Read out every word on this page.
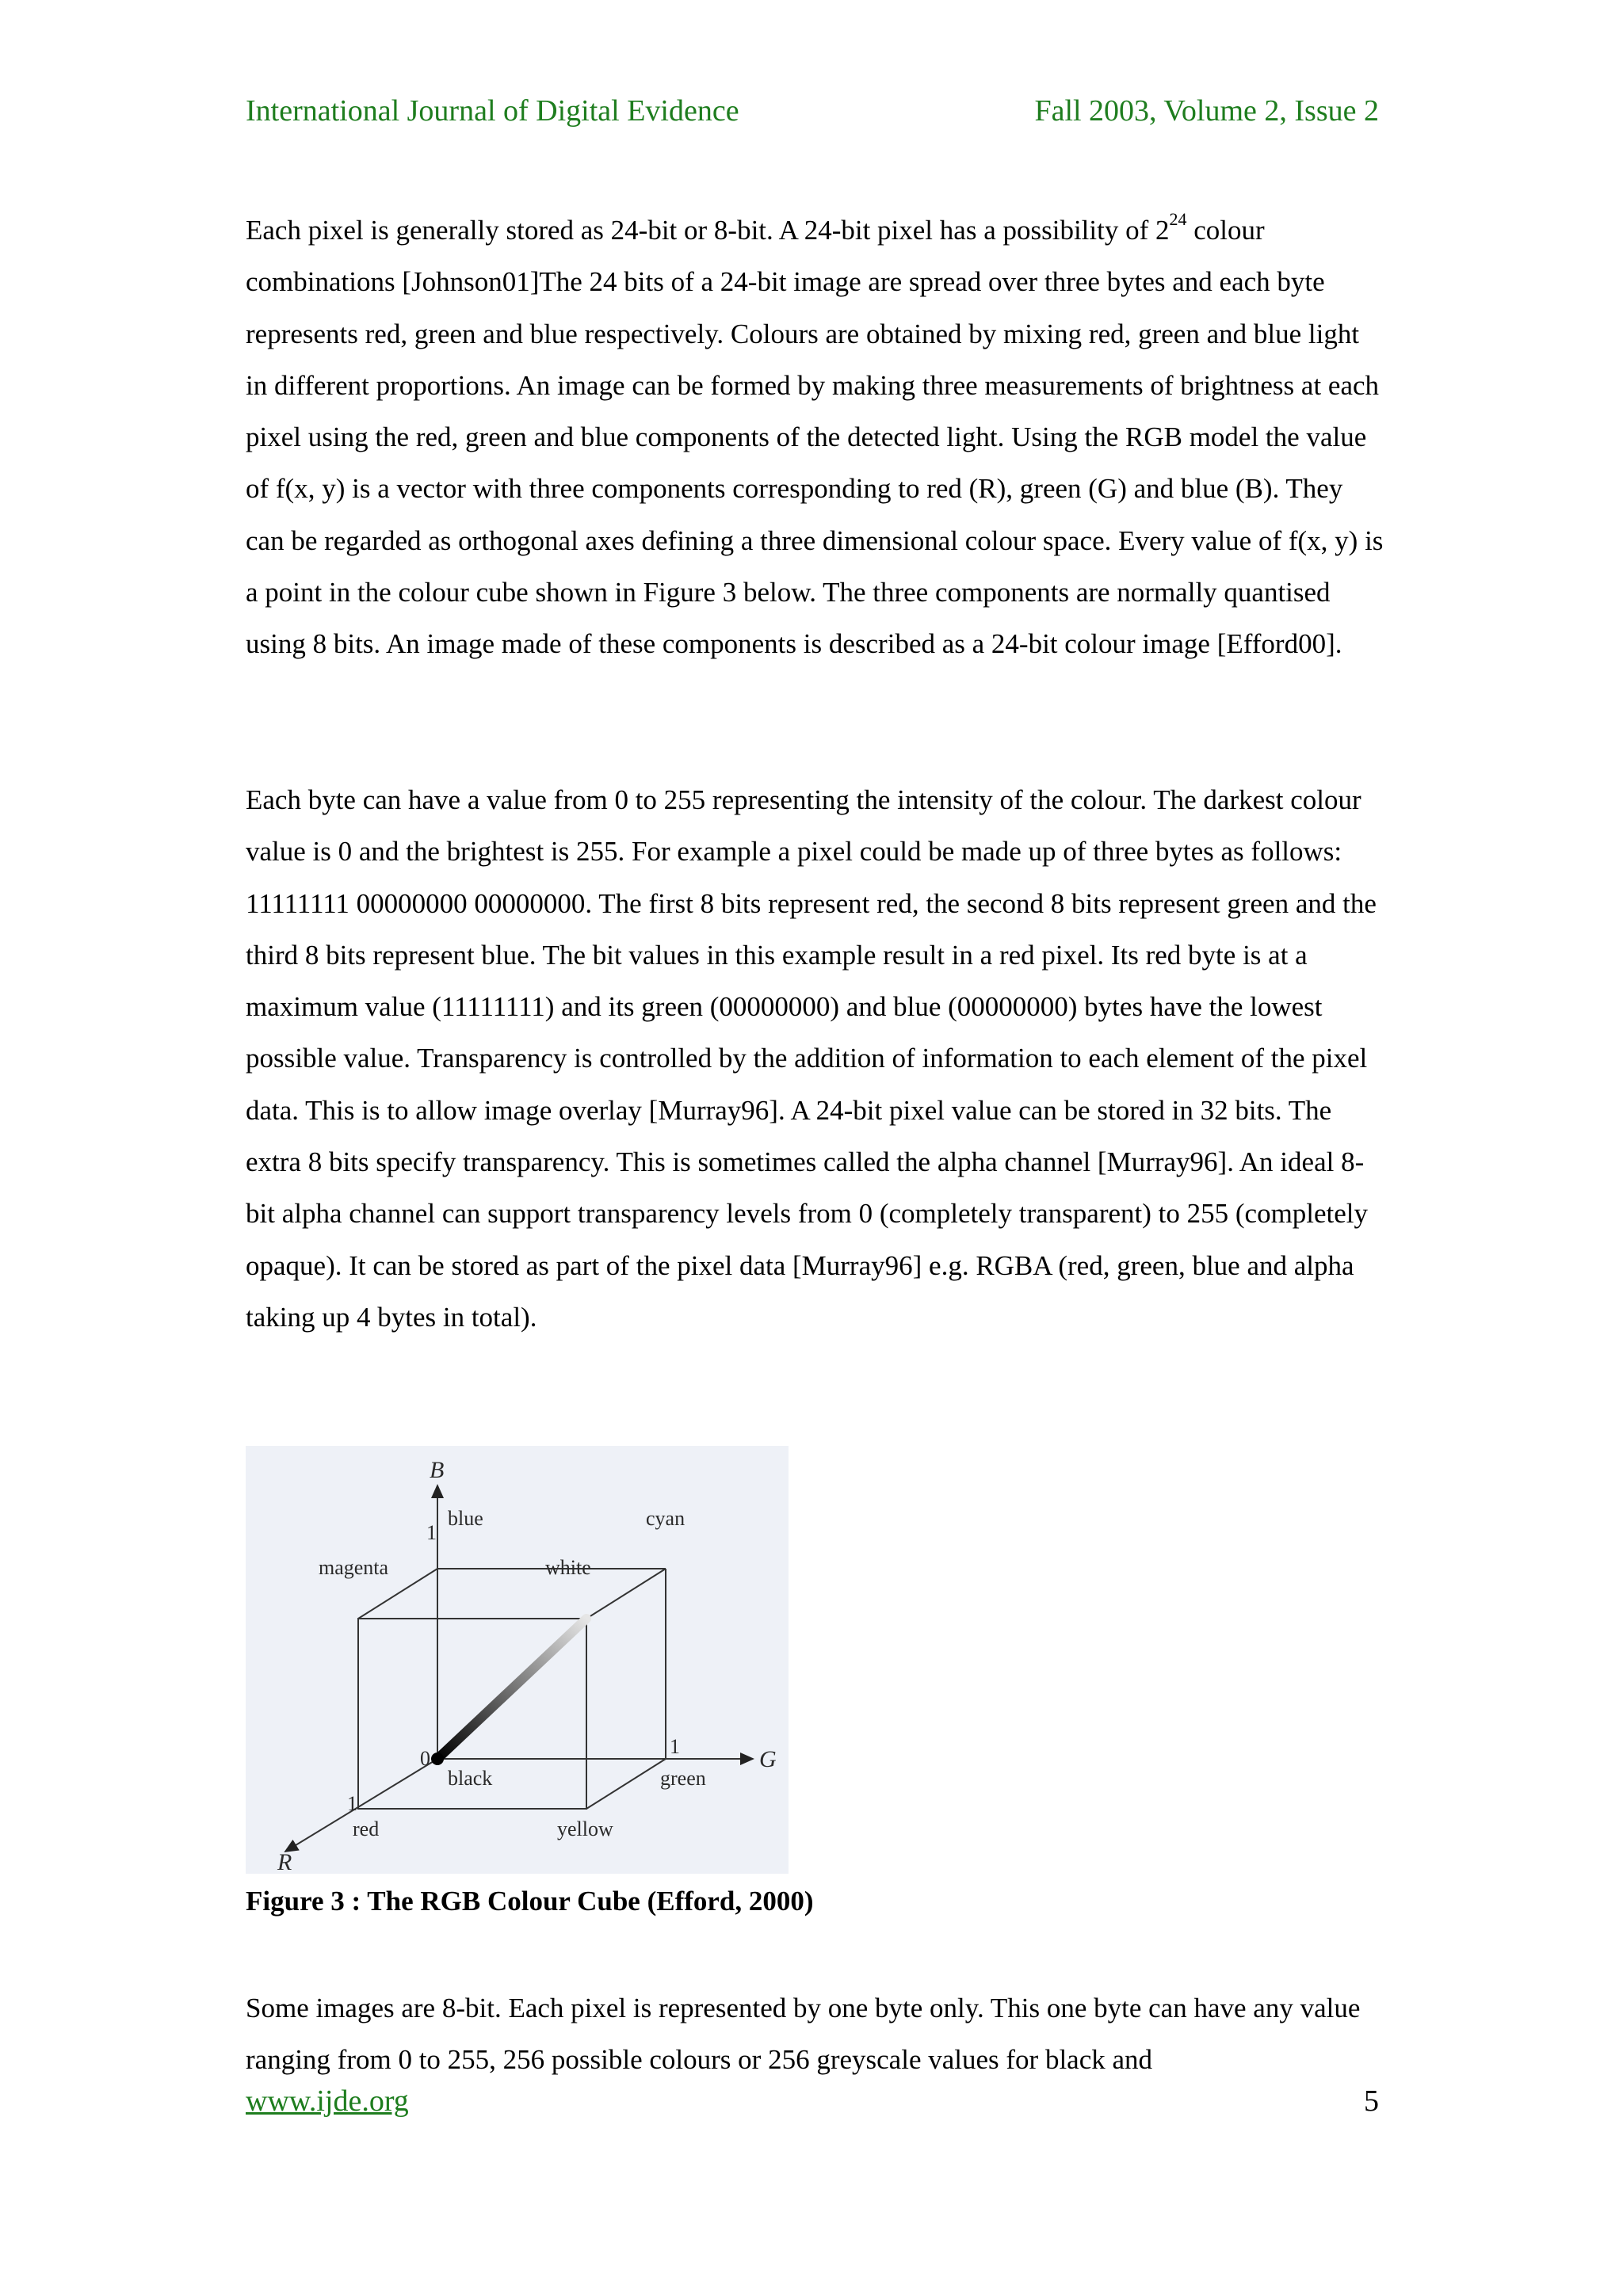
International Journal of Digital Evidence	Fall 2003, Volume 2, Issue 2

Each pixel is generally stored as 24-bit or 8-bit. A 24-bit pixel has a possibility of $2^{24}$ colour combinations [Johnson01]The 24 bits of a 24-bit image are spread over three bytes and each byte represents red, green and blue respectively. Colours are obtained by mixing red, green and blue light in different proportions. An image can be formed by making three measurements of brightness at each pixel using the red, green and blue components of the detected light. Using the RGB model the value of f(x, y) is a vector with three components corresponding to red (R), green (G) and blue (B). They can be regarded as orthogonal axes defining a three dimensional colour space. Every value of f(x, y) is a point in the colour cube shown in Figure 3 below. The three components are normally quantised using 8 bits. An image made of these components is described as a 24-bit colour image [Efford00].

Each byte can have a value from 0 to 255 representing the intensity of the colour. The darkest colour value is 0 and the brightest is 255. For example a pixel could be made up of three bytes as follows: 11111111 00000000 00000000. The first 8 bits represent red, the second 8 bits represent green and the third 8 bits represent blue. The bit values in this example result in a red pixel. Its red byte is at a maximum value (11111111) and its green (00000000) and blue (00000000) bytes have the lowest possible value. Transparency is controlled by the addition of information to each element of the pixel data. This is to allow image overlay [Murray96]. A 24-bit pixel value can be stored in 32 bits. The extra 8 bits specify transparency. This is sometimes called the alpha channel [Murray96]. An ideal 8-bit alpha channel can support transparency levels from 0 (completely transparent) to 255 (completely opaque). It can be stored as part of the pixel data [Murray96] e.g. RGBA (red, green, blue and alpha taking up 4 bytes in total).

B
G
R
blue	cyan
magenta	white
black	green
red	yellow
0
1
1
1
Figure 3 : The RGB Colour Cube (Efford, 2000)

Some images are 8-bit. Each pixel is represented by one byte only. This one byte can have any value ranging from 0 to 255, 256 possible colours or 256 greyscale values for black and

www.ijde.org	5
